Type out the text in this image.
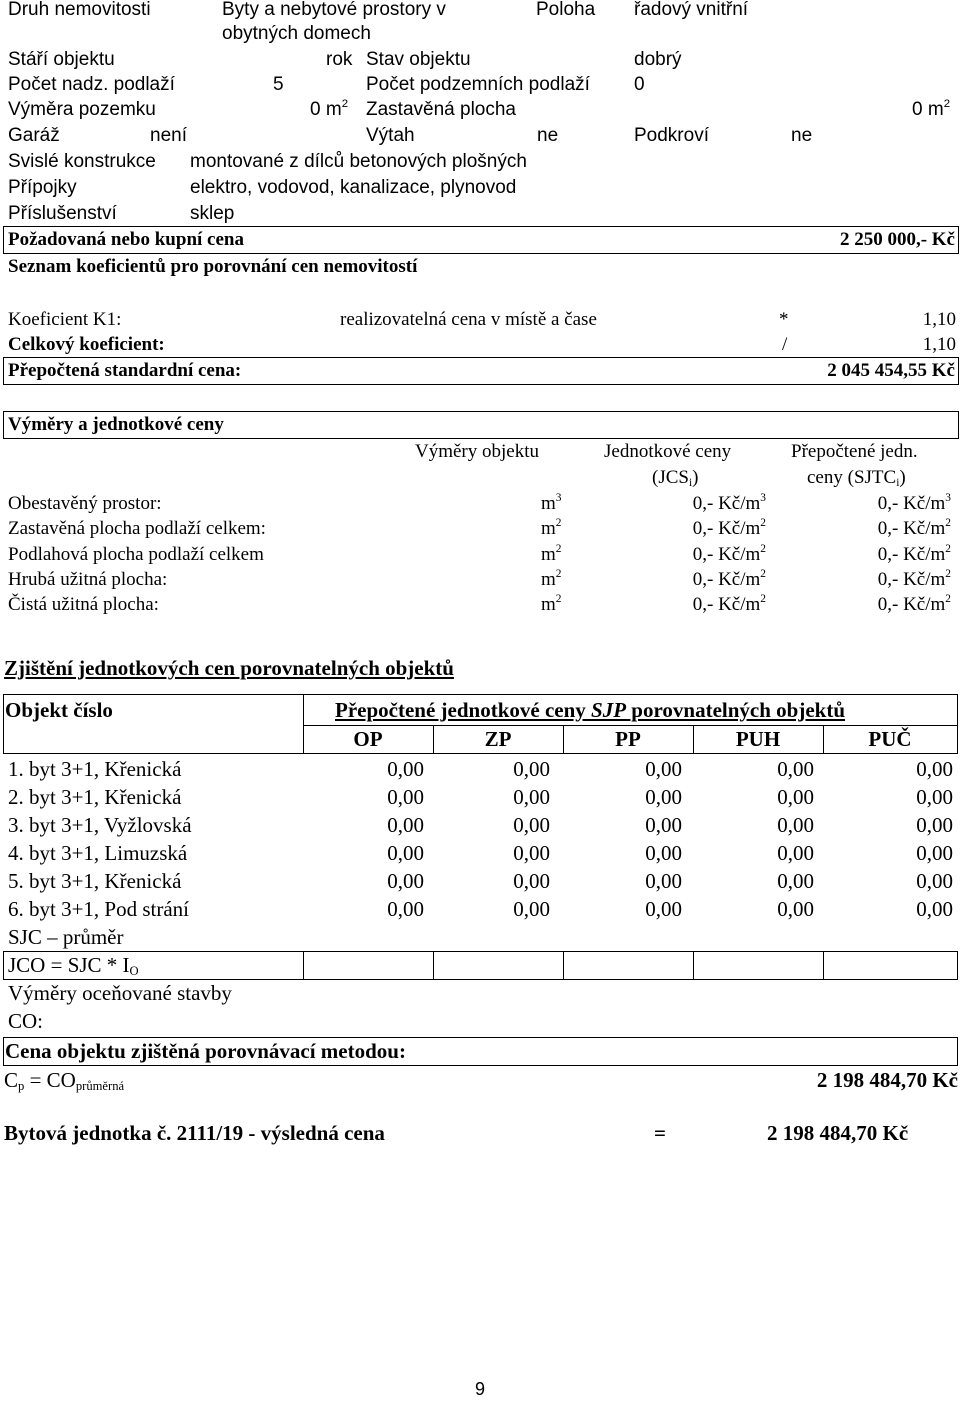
Druh nemovitosti	Byty a nebytové prostory v
obytných domech
Poloha řadový vnitřní
Stáří objektu	rok Stav objektu	dobrý
Počet nadz. podlaží	5	Počet podzemních podlaží 0
Výměra pozemku	0 $m^2$ Zastavěná plocha	0 $m^2$
Garáž	není	Výtah	ne	Podkroví	ne
Svislé konstrukce montované z dílců betonových plošných
Přípojky	elektro, vodovod, kanalizace, plynovod
Příslušenství	sklep
Požadovaná nebo kupní cena	2 250 000,- Kč
Seznam koeficientů pro porovnání cen nemovitostí
Koeficient K1:	realizovatelná cena v místě a čase	*	1,10
Celkový koeficient:	/	1,10
Přepočtená standardní cena:	2 045 454,55 Kč
Výměry a jednotkové ceny
Výměry objektu	Jednotkové ceny
$(JCS_i)$
Přepočtené jedn.
ceny $(SJTC_i)$
Obestavěný prostor:	$m^3$	0,- $Kč/m^3$	0,- $Kč/m^3$
Zastavěná plocha podlaží celkem:	$m^2$	0,- $Kč/m^2$	0,- $Kč/m^2$
Podlahová plocha podlaží celkem	$m^2$	0,- $Kč/m^2$	0,- $Kč/m^2$
Hrubá užitná plocha:	$m^2$	0,- $Kč/m^2$	0,- $Kč/m^2$
Čistá užitná plocha:	$m^2$	0,- $Kč/m^2$	0,- $Kč/m^2$
Zjištění jednotkových cen porovnatelných objektů
Objekt číslo	Přepočtené jednotkové ceny SJP porovnatelných objektů
OP	ZP	PP	PUH	PUČ
1. byt 3+1, Křenická	0,00	0,00	0,00	0,00	0,00
2. byt 3+1, Křenická	0,00	0,00	0,00	0,00	0,00
3. byt 3+1, Vyžlovská	0,00	0,00	0,00	0,00	0,00
4. byt 3+1, Limuzská	0,00	0,00	0,00	0,00	0,00
5. byt 3+1, Křenická	0,00	0,00	0,00	0,00	0,00
6. byt 3+1, Pod strání	0,00	0,00	0,00	0,00	0,00
SJC – průměr
JCO = SJC * $I_O$
Výměry oceňované stavby
CO:
Cena objektu zjištěná porovnávací metodou:
$C_p = CO_{průměrná}$	2 198 484,70 Kč
Bytová jednotka č. 2111/19 - výsledná cena	=	2 198 484,70 Kč
9
